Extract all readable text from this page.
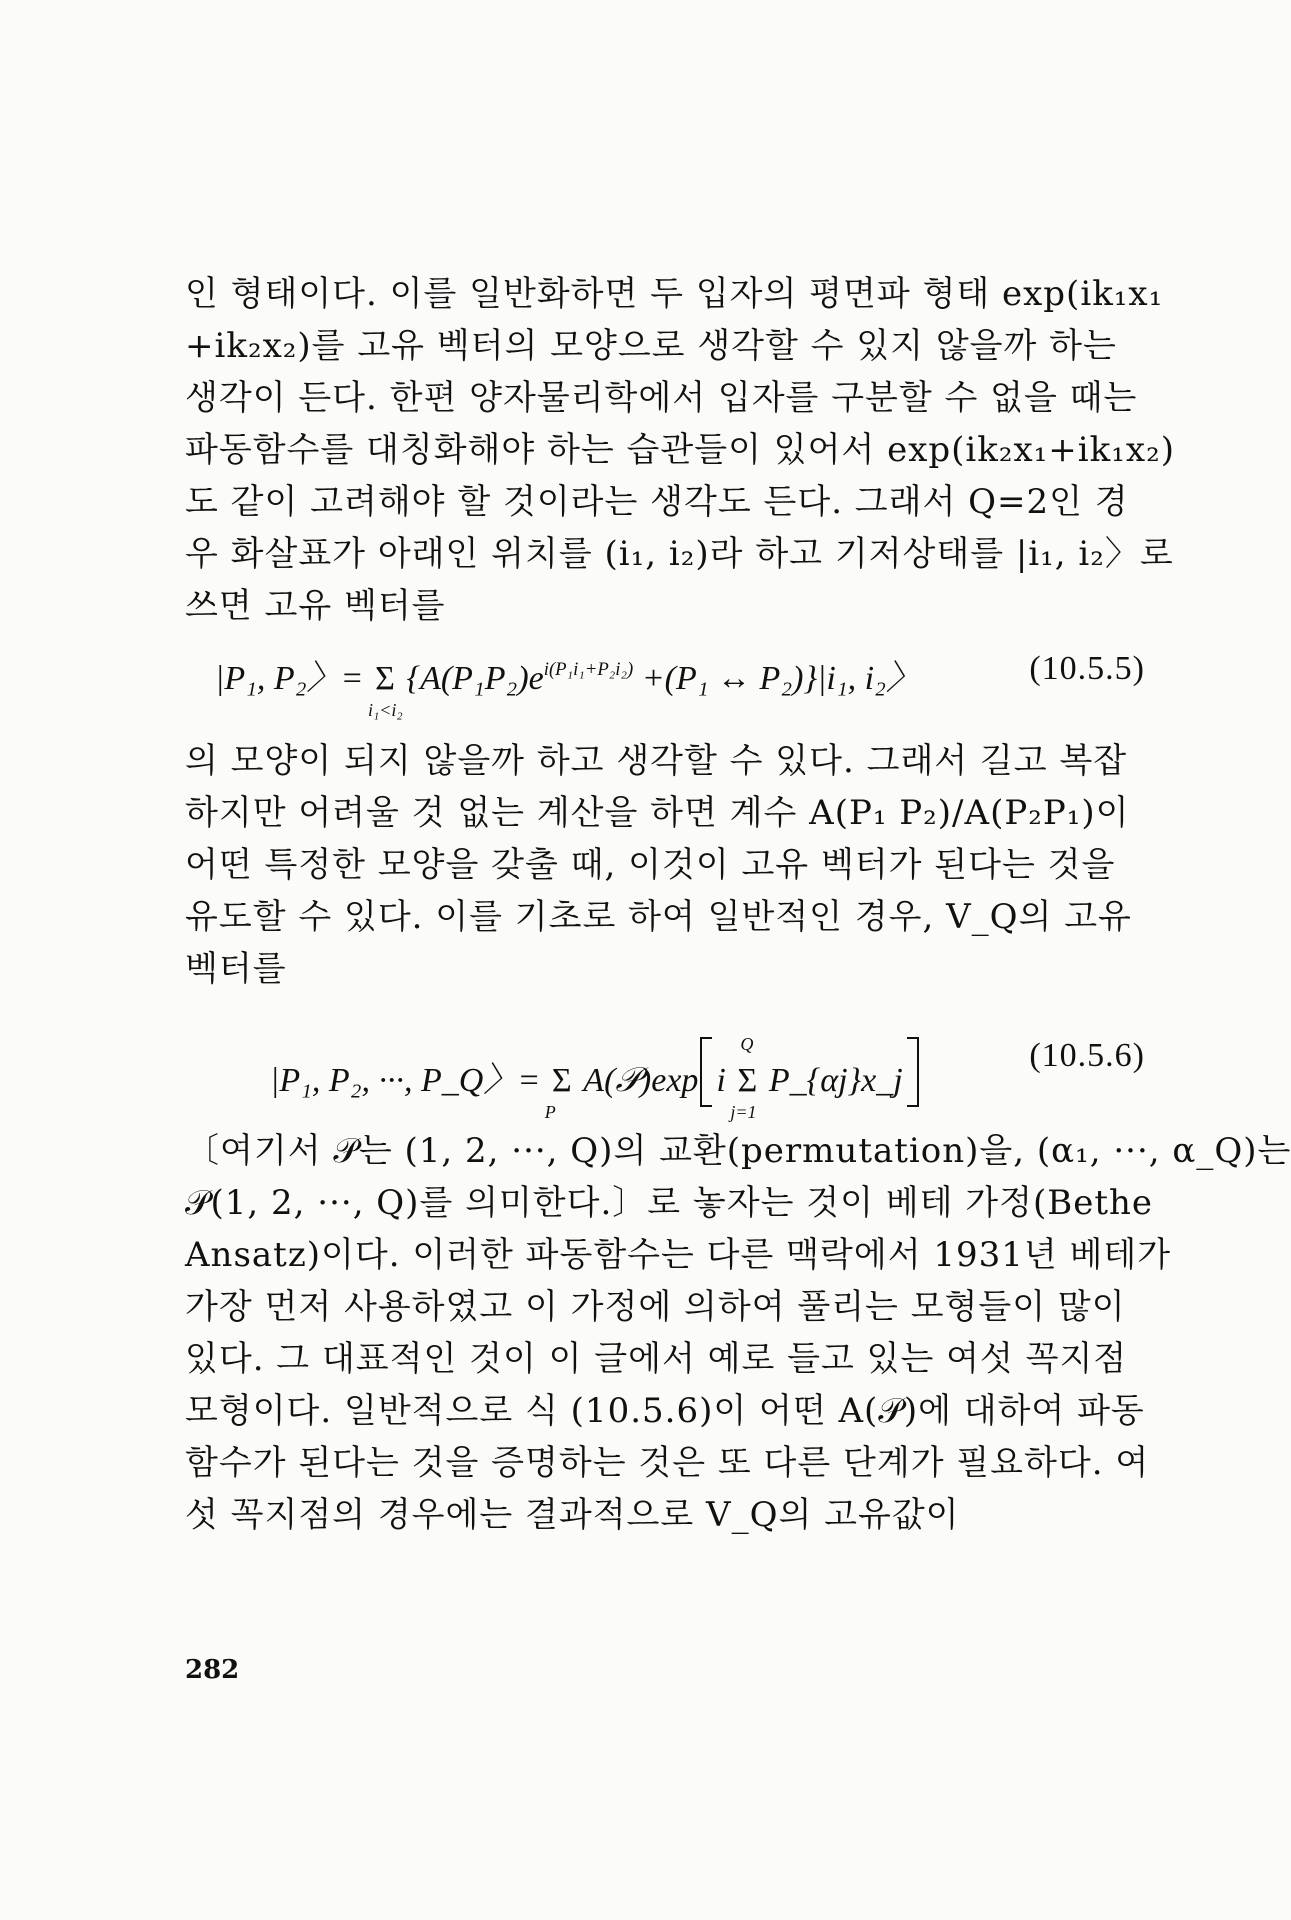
인 형태이다. 이를 일반화하면 두 입자의 평면파 형태 exp(ik₁x₁
+ik₂x₂)를 고유 벡터의 모양으로 생각할 수 있지 않을까 하는
생각이 든다. 한편 양자물리학에서 입자를 구분할 수 없을 때는
파동함수를 대칭화해야 하는 습관들이 있어서 exp(ik₂x₁+ik₁x₂)
도 같이 고려해야 할 것이라는 생각도 든다. 그래서 Q=2인 경
우 화살표가 아래인 위치를 (i₁, i₂)라 하고 기저상태를 |i₁, i₂〉로
쓰면 고유 벡터를

|P₁, P₂〉= Σ
i₁<i₂
{$A(P_1P_2)e^{i(P_1i_1+P_2i_2)} +(P_1$ ↔ P₂)}|i₁, i₂〉	(10.5.5)

의 모양이 되지 않을까 하고 생각할 수 있다. 그래서 길고 복잡
하지만 어려울 것 없는 계산을 하면 계수 A(P₁ P₂)/A(P₂P₁)이
어떤 특정한 모양을 갖출 때, 이것이 고유 벡터가 된다는 것을
유도할 수 있다. 이를 기초로 하여 일반적인 경우, V_Q의 고유
벡터를

|P₁, P₂, ···, P_Q〉= Σ
P
A(𝒫)exp i Σ
Q
j=1
P_{αj}x_j
(10.5.6)

〔여기서 𝒫는 (1, 2, ···, Q)의 교환(permutation)을, (α₁, ···, α_Q)는
𝒫(1, 2, ···, Q)를 의미한다.〕로 놓자는 것이 베테 가정(Bethe
Ansatz)이다. 이러한 파동함수는 다른 맥락에서 1931년 베테가
가장 먼저 사용하였고 이 가정에 의하여 풀리는 모형들이 많이
있다. 그 대표적인 것이 이 글에서 예로 들고 있는 여섯 꼭지점
모형이다. 일반적으로 식 (10.5.6)이 어떤 A(𝒫)에 대하여 파동
함수가 된다는 것을 증명하는 것은 또 다른 단계가 필요하다. 여
섯 꼭지점의 경우에는 결과적으로 V_Q의 고유값이

282
